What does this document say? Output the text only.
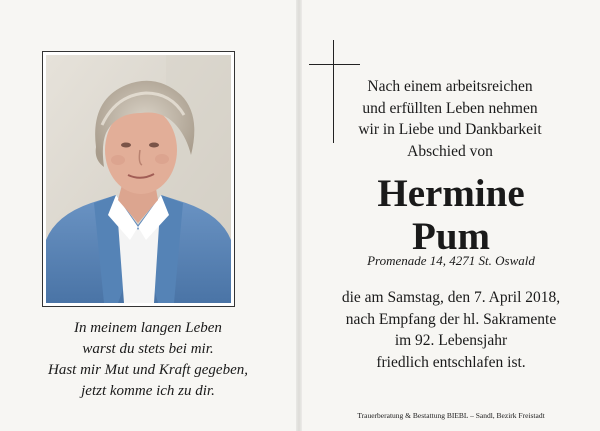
In meinem langen Leben
warst du stets bei mir.
Hast mir Mut und Kraft gegeben,
jetzt komme ich zu dir.
Nach einem arbeitsreichen
und erfüllten Leben nehmen
wir in Liebe und Dankbarkeit
Abschied von
Hermine
Pum
Promenade 14, 4271 St. Oswald
die am Samstag, den 7. April 2018,
nach Empfang der hl. Sakramente
im 92. Lebensjahr
friedlich entschlafen ist.
Trauerberatung & Bestattung BIEBL – Sandl, Bezirk Freistadt
